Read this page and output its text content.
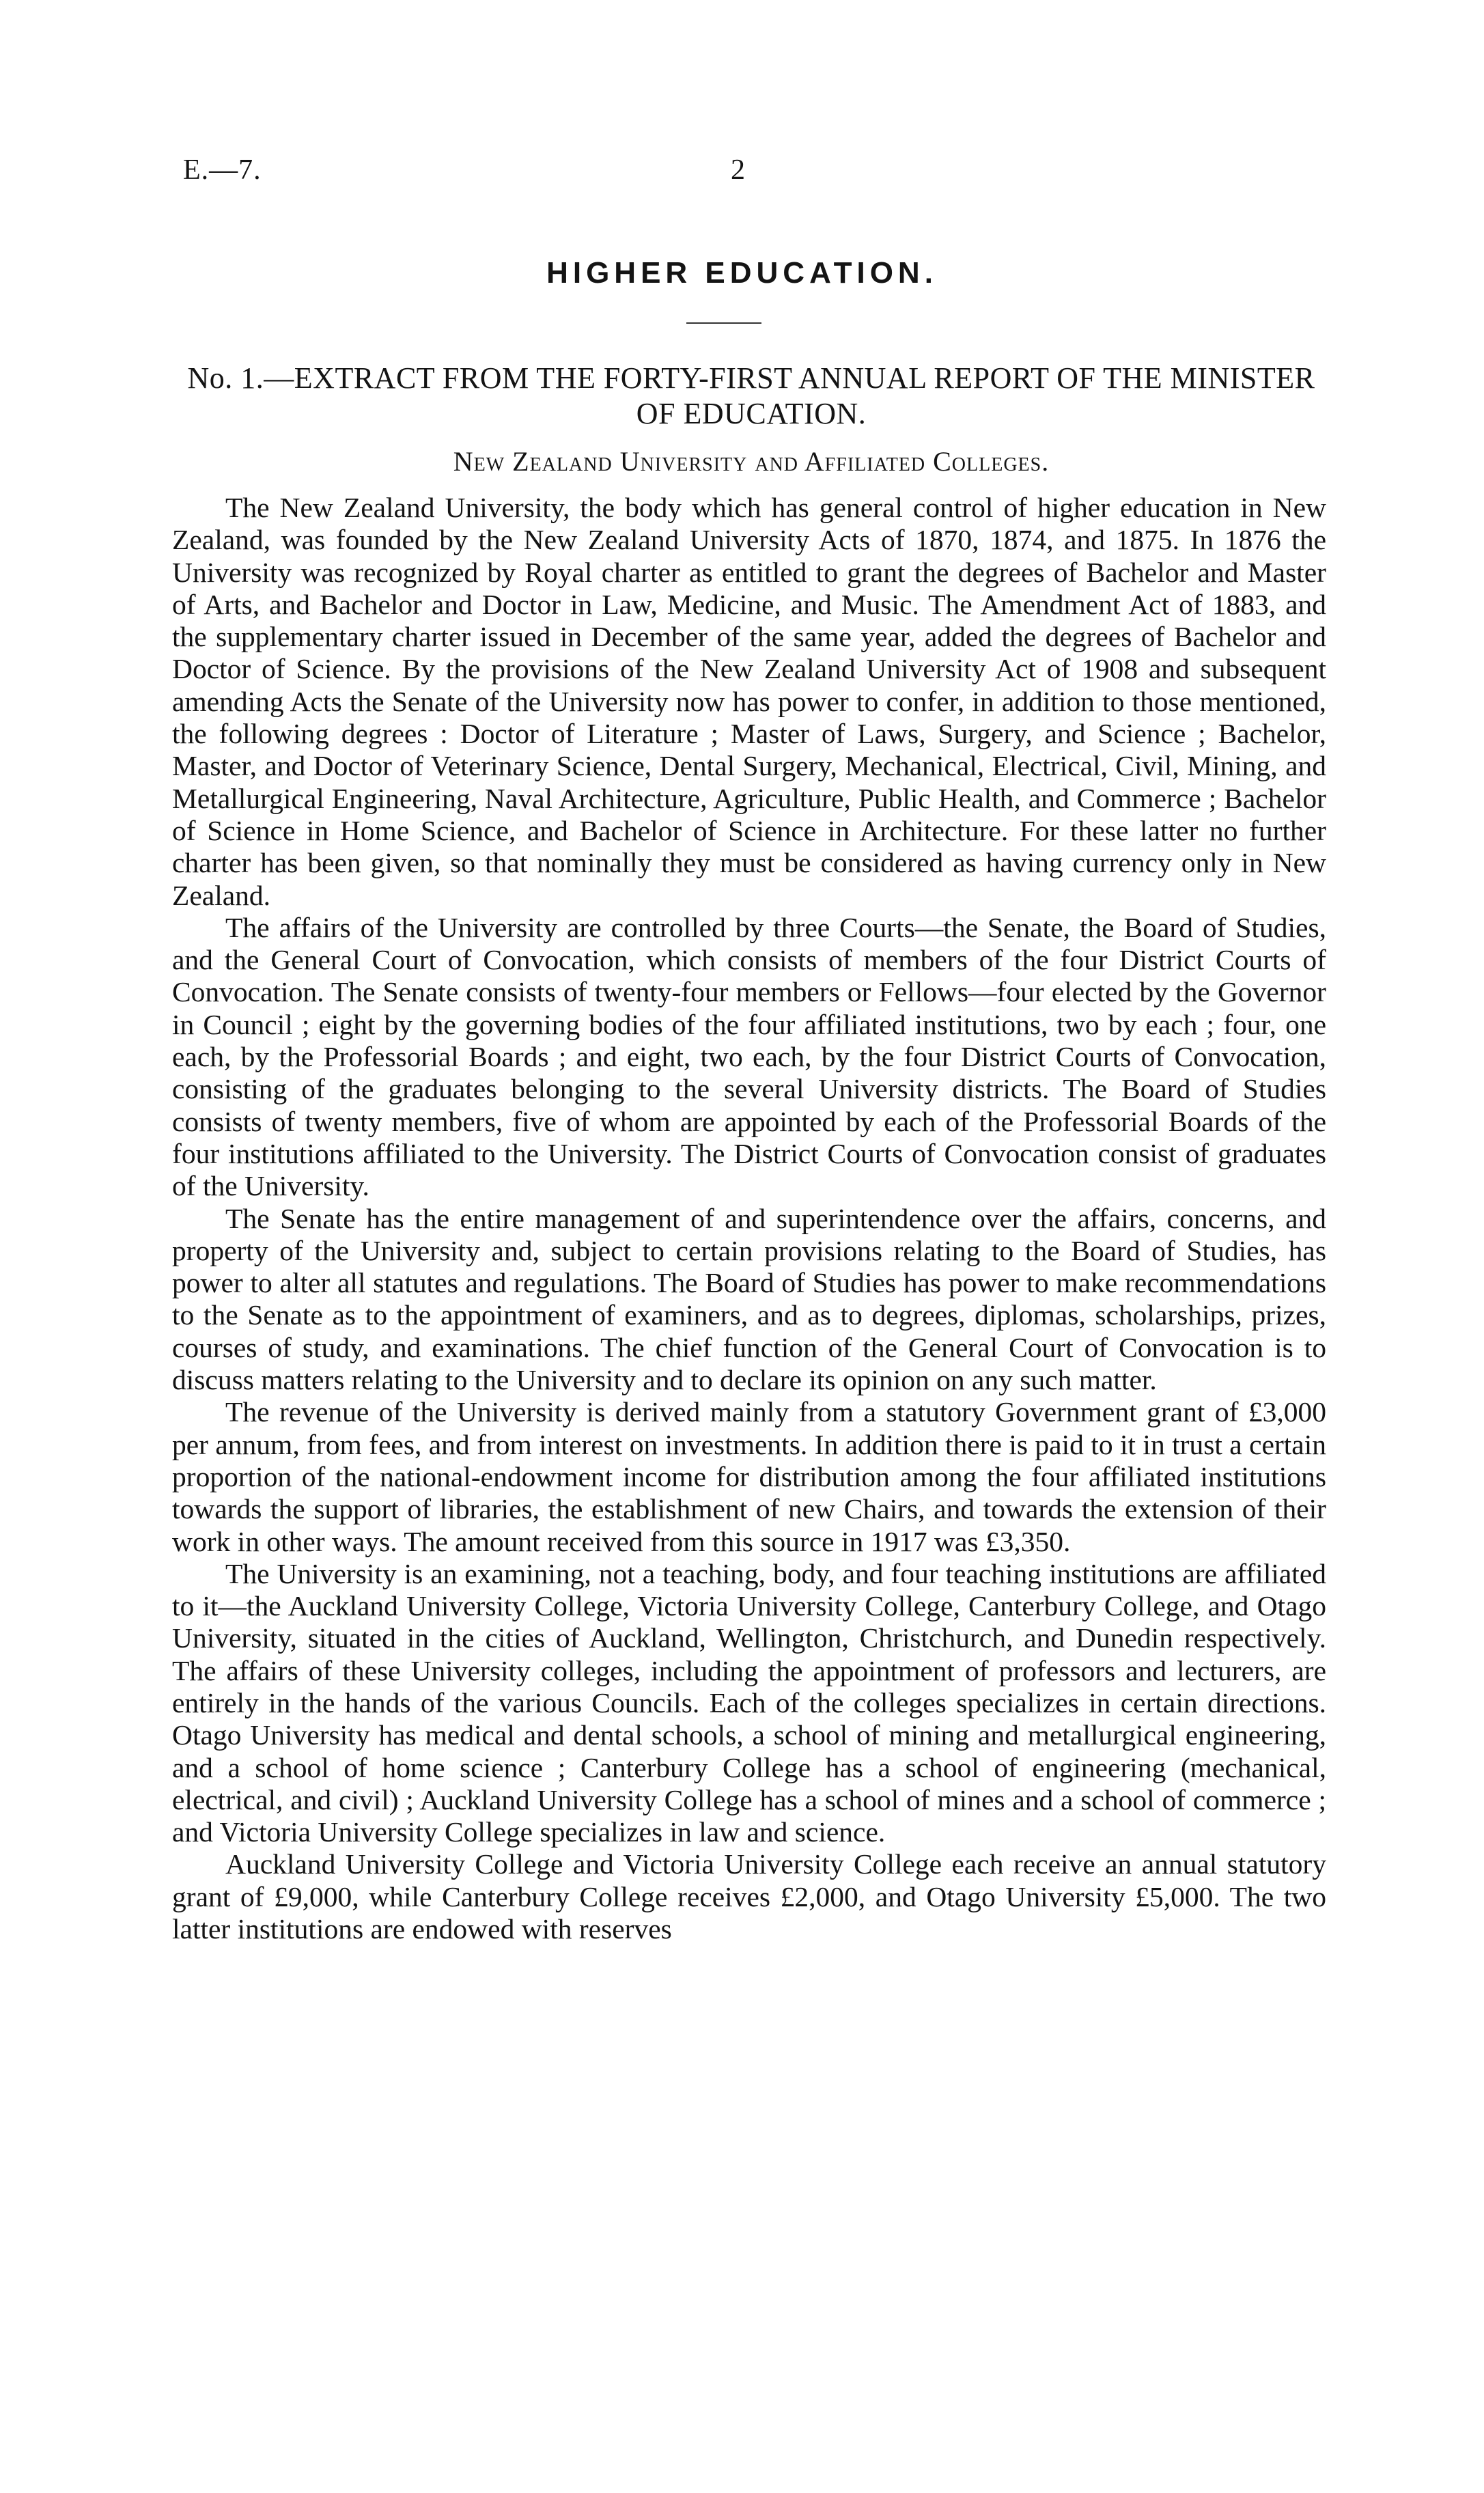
E.—7.	2
HIGHER EDUCATION.
No. 1.—EXTRACT FROM THE FORTY-FIRST ANNUAL REPORT OF THE MINISTER OF EDUCATION.
New Zealand University and Affiliated Colleges.

The New Zealand University, the body which has general control of higher education in New Zealand, was founded by the New Zealand University Acts of 1870, 1874, and 1875. In 1876 the University was recognized by Royal charter as entitled to grant the degrees of Bachelor and Master of Arts, and Bachelor and Doctor in Law, Medicine, and Music. The Amendment Act of 1883, and the supplementary charter issued in December of the same year, added the degrees of Bachelor and Doctor of Science. By the provisions of the New Zealand University Act of 1908 and subsequent amending Acts the Senate of the University now has power to confer, in addition to those mentioned, the following degrees : Doctor of Literature ; Master of Laws, Surgery, and Science ; Bachelor, Master, and Doctor of Veterinary Science, Dental Surgery, Mechanical, Electrical, Civil, Mining, and Metallurgical Engineering, Naval Architecture, Agriculture, Public Health, and Commerce ; Bachelor of Science in Home Science, and Bachelor of Science in Architecture. For these latter no further charter has been given, so that nominally they must be considered as having currency only in New Zealand.

The affairs of the University are controlled by three Courts—the Senate, the Board of Studies, and the General Court of Convocation, which consists of members of the four District Courts of Convocation. The Senate consists of twenty-four members or Fellows—four elected by the Governor in Council ; eight by the governing bodies of the four affiliated institutions, two by each ; four, one each, by the Professorial Boards ; and eight, two each, by the four District Courts of Convocation, consisting of the graduates belonging to the several University districts. The Board of Studies consists of twenty members, five of whom are appointed by each of the Professorial Boards of the four institutions affiliated to the University. The District Courts of Convocation consist of graduates of the University.

The Senate has the entire management of and superintendence over the affairs, concerns, and property of the University and, subject to certain provisions relating to the Board of Studies, has power to alter all statutes and regulations. The Board of Studies has power to make recommendations to the Senate as to the appointment of examiners, and as to degrees, diplomas, scholarships, prizes, courses of study, and examinations. The chief function of the General Court of Convocation is to discuss matters relating to the University and to declare its opinion on any such matter.

The revenue of the University is derived mainly from a statutory Government grant of £3,000 per annum, from fees, and from interest on investments. In addition there is paid to it in trust a certain proportion of the national-endowment income for distribution among the four affiliated institutions towards the support of libraries, the establishment of new Chairs, and towards the extension of their work in other ways. The amount received from this source in 1917 was £3,350.

The University is an examining, not a teaching, body, and four teaching institutions are affiliated to it—the Auckland University College, Victoria University College, Canterbury College, and Otago University, situated in the cities of Auckland, Wellington, Christchurch, and Dunedin respectively. The affairs of these University colleges, including the appointment of professors and lecturers, are entirely in the hands of the various Councils. Each of the colleges specializes in certain directions. Otago University has medical and dental schools, a school of mining and metallurgical engineering, and a school of home science ; Canterbury College has a school of engineering (mechanical, electrical, and civil) ; Auckland University College has a school of mines and a school of commerce ; and Victoria University College specializes in law and science.

Auckland University College and Victoria University College each receive an annual statutory grant of £9,000, while Canterbury College receives £2,000, and Otago University £5,000. The two latter institutions are endowed with reserves
